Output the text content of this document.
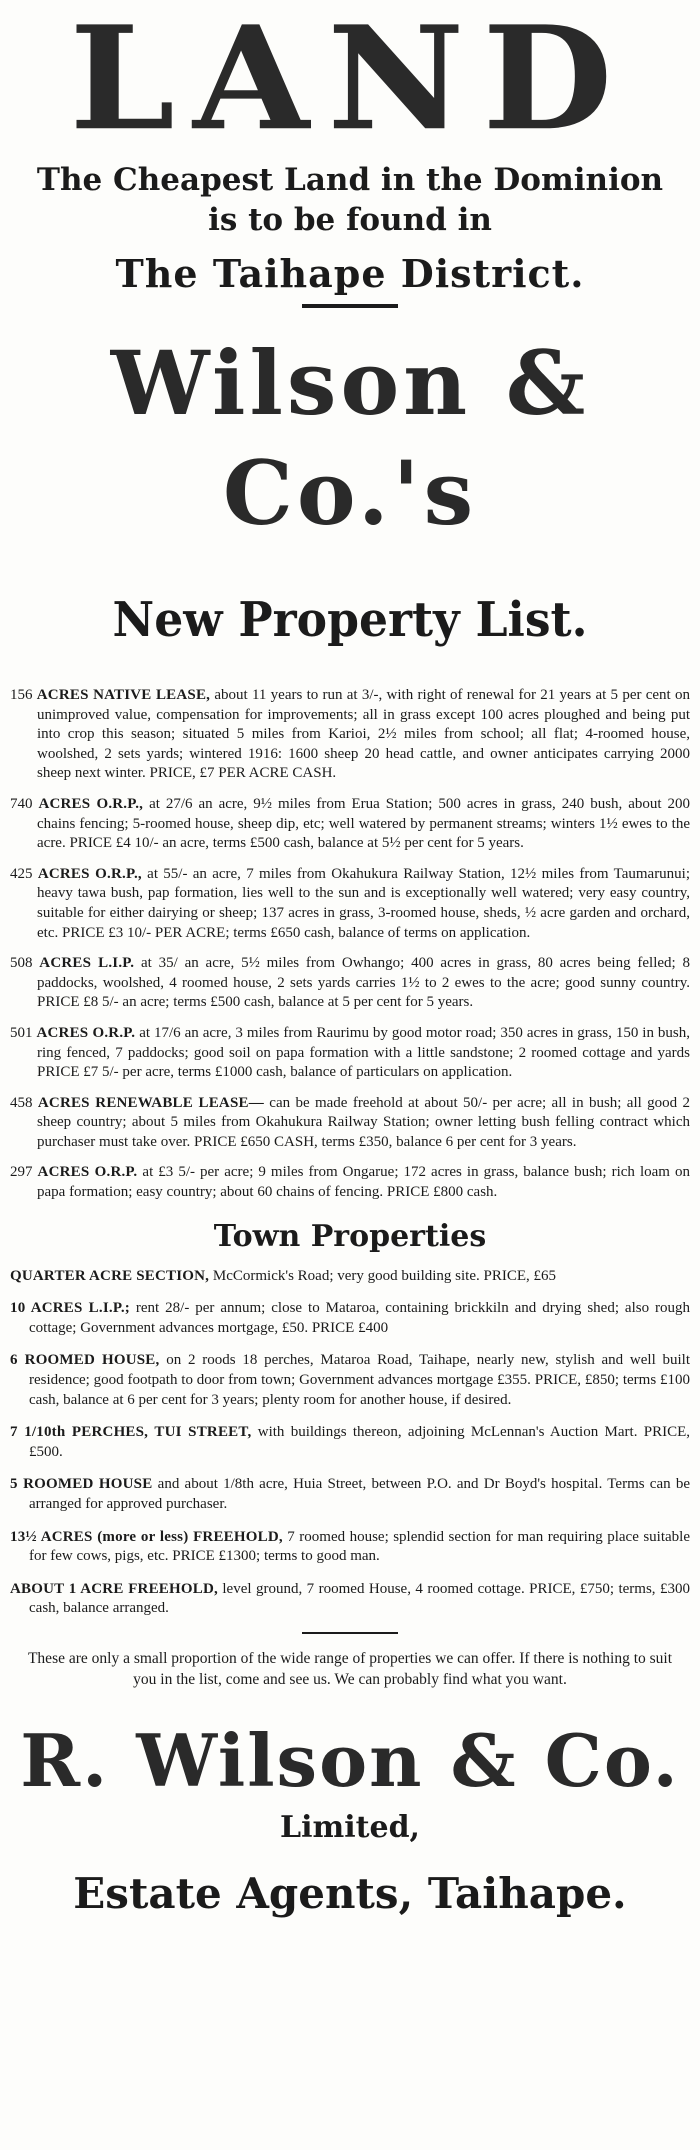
LAND
The Cheapest Land in the Dominion
is to be found in
The Taihape District.
Wilson & Co.'s
New Property List.

156 ACRES NATIVE LEASE, about 11 years to run at 3/-, with right of renewal for 21 years at 5 per cent on unimproved value, compensation for improvements; all in grass except 100 acres ploughed and being put into crop this season; situated 5 miles from Karioi, 2½ miles from school; all flat; 4-roomed house, woolshed, 2 sets yards; wintered 1916: 1600 sheep 20 head cattle, and owner anticipates carrying 2000 sheep next winter. PRICE, £7 PER ACRE CASH.

740 ACRES O.R.P., at 27/6 an acre, 9½ miles from Erua Station; 500 acres in grass, 240 bush, about 200 chains fencing; 5-roomed house, sheep dip, etc; well watered by permanent streams; winters 1½ ewes to the acre. PRICE £4 10/- an acre, terms £500 cash, balance at 5½ per cent for 5 years.

425 ACRES O.R.P., at 55/- an acre, 7 miles from Okahukura Railway Station, 12½ miles from Taumarunui; heavy tawa bush, pap formation, lies well to the sun and is exceptionally well watered; very easy country, suitable for either dairying or sheep; 137 acres in grass, 3-roomed house, sheds, ½ acre garden and orchard, etc. PRICE £3 10/- PER ACRE; terms £650 cash, balance of terms on application.

508 ACRES L.I.P. at 35/ an acre, 5½ miles from Owhango; 400 acres in grass, 80 acres being felled; 8 paddocks, woolshed, 4 roomed house, 2 sets yards carries 1½ to 2 ewes to the acre; good sunny country. PRICE £8 5/- an acre; terms £500 cash, balance at 5 per cent for 5 years.

501 ACRES O.R.P. at 17/6 an acre, 3 miles from Raurimu by good motor road; 350 acres in grass, 150 in bush, ring fenced, 7 paddocks; good soil on papa formation with a little sandstone; 2 roomed cottage and yards PRICE £7 5/- per acre, terms £1000 cash, balance of particulars on application.

458 ACRES RENEWABLE LEASE— can be made freehold at about 50/- per acre; all in bush; all good 2 sheep country; about 5 miles from Okahukura Railway Station; owner letting bush felling contract which purchaser must take over. PRICE £650 CASH, terms £350, balance 6 per cent for 3 years.

297 ACRES O.R.P. at £3 5/- per acre; 9 miles from Ongarue; 172 acres in grass, balance bush; rich loam on papa formation; easy country; about 60 chains of fencing. PRICE £800 cash.

Town Properties

QUARTER ACRE SECTION, McCormick's Road; very good building site. PRICE, £65

10 ACRES L.I.P.; rent 28/- per annum; close to Mataroa, containing brickkiln and drying shed; also rough cottage; Government advances mortgage, £50. PRICE £400

6 ROOMED HOUSE, on 2 roods 18 perches, Mataroa Road, Taihape, nearly new, stylish and well built residence; good footpath to door from town; Government advances mortgage £355. PRICE, £850; terms £100 cash, balance at 6 per cent for 3 years; plenty room for another house, if desired.

7 1/10th PERCHES, TUI STREET, with buildings thereon, adjoining McLennan's Auction Mart. PRICE, £500.

5 ROOMED HOUSE and about 1/8th acre, Huia Street, between P.O. and Dr Boyd's hospital. Terms can be arranged for approved purchaser.

13½ ACRES (more or less) FREEHOLD, 7 roomed house; splendid section for man requiring place suitable for few cows, pigs, etc. PRICE £1300; terms to good man.

ABOUT 1 ACRE FREEHOLD, level ground, 7 roomed House, 4 roomed cottage. PRICE, £750; terms, £300 cash, balance arranged.

These are only a small proportion of the wide range of properties we can offer. If there is nothing to suit you in the list, come and see us. We can probably find what you want.

R. Wilson & Co.
Limited,
Estate Agents, Taihape.
